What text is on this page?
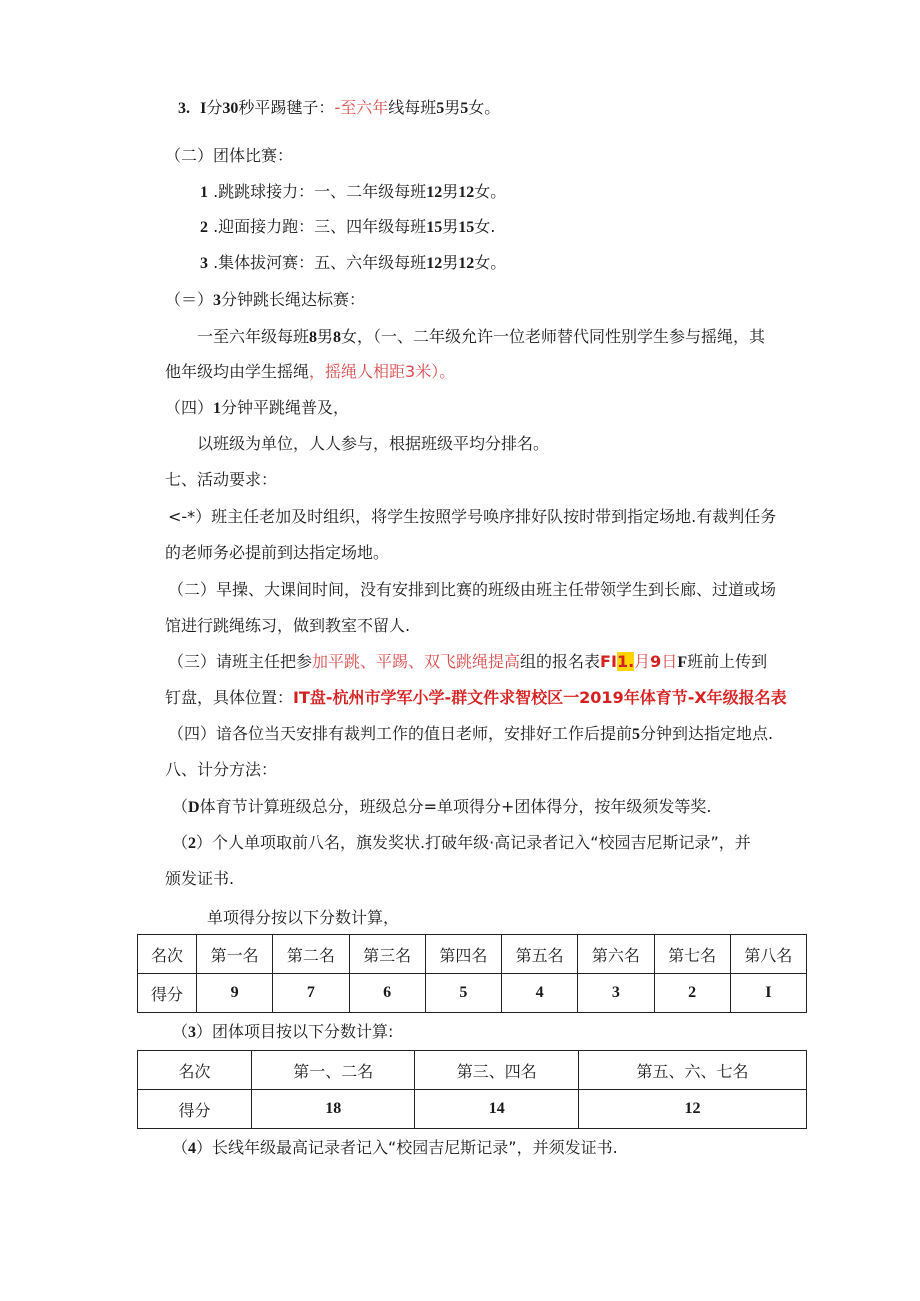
3. I分30秒平踢毽子：-至六年线每班5男5女。
（二）团体比赛：
1 .跳跳球接力：一、二年级每班12男12女。
2 .迎面接力跑：三、四年级每班15男15女.
3 .集体拔河赛：五、六年级每班12男12女。
（＝）3分钟跳长绳达标赛：
一至六年级每班8男8女，（一、二年级允许一位老师替代同性别学生参与摇绳，其
他年级均由学生摇绳，摇绳人相距3米）。
（四）1分钟平跳绳普及，
以班级为单位，人人参与，根据班级平均分排名。
七、活动要求：
<-*）班主任老加及时组织，将学生按照学号唤序排好队按时带到指定场地.有裁判任务
的老师务必提前到达指定场地。
（二）早操、大课间时间，没有安排到比赛的班级由班主任带领学生到长廊、过道或场
馆进行跳绳练习，做到教室不留人.
（三）请班主任把参加平跳、平踢、双飞跳绳提高组的报名表FI1.月9日F班前上传到
钉盘，具体位置：IT盘-杭州市学军小学-群文件求智校区一2019年体育节-X年级报名表
（四）谙各位当天安排有裁判工作的值日老师，安排好工作后提前5分钟到达指定地点.
八、计分方法：
（D体育节计算班级总分，班级总分=单项得分+团体得分，按年级须发等奖.
（2）个人单项取前八名，旗发奖状.打破年级·高记录者记入“校园吉尼斯记录”，并
颁发证书.
单项得分按以下分数计算，
名次	第一名	第二名	第三名	第四名	第五名	第六名	第七名	第八名
得分	9	7	6	5	4	3	2	I
（3）团体项目按以下分数计算:
名次	第一、二名	第三、四名	第五、六、七名
得分	18	14	12
（4）长线年级最高记录者记入“校园吉尼斯记录”，并须发证书.
